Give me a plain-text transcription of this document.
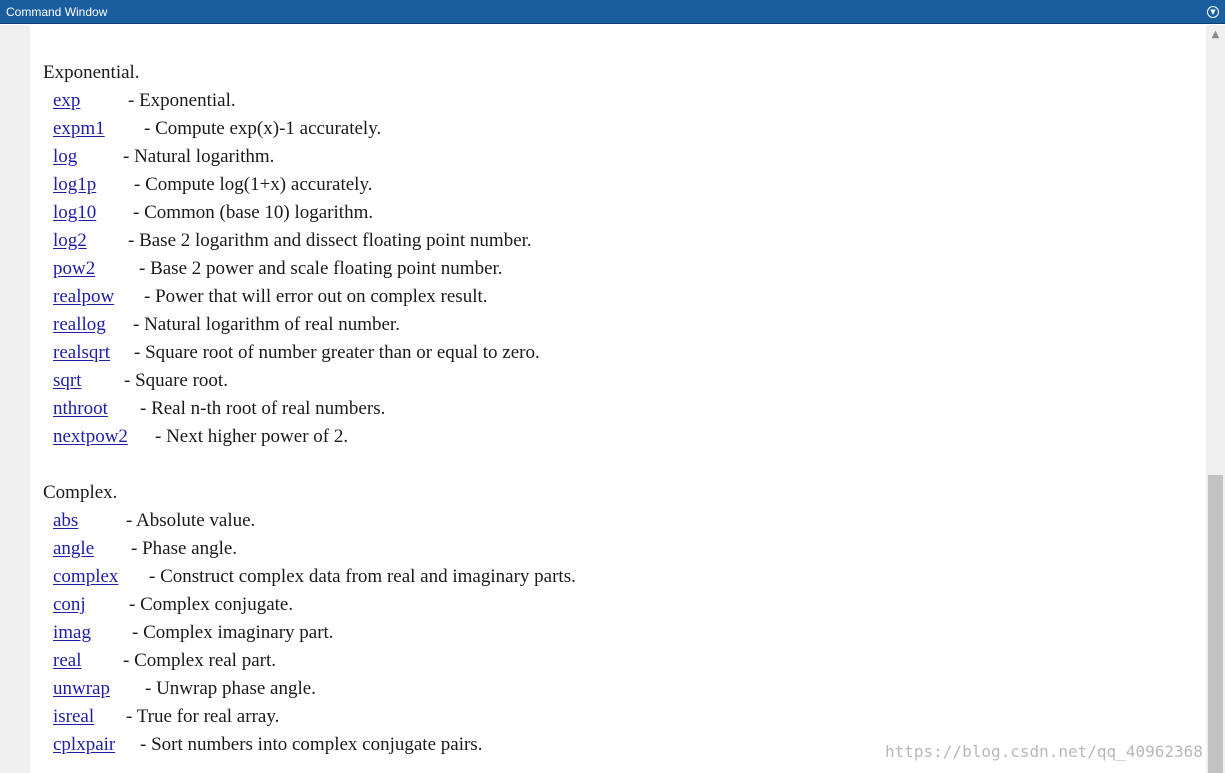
Command Window	▼
Exponential.
exp	- Exponential.
expm1 - Compute exp(x)-1 accurately.
log - Natural logarithm.
log1p - Compute log(1+x) accurately.
log10 - Common (base 10) logarithm.
log2 - Base 2 logarithm and dissect floating point number.
pow2 - Base 2 power and scale floating point number.
realpow - Power that will error out on complex result.
reallog - Natural logarithm of real number.
realsqrt - Square root of number greater than or equal to zero.
sqrt - Square root.
nthroot - Real n-th root of real numbers.
nextpow2 - Next higher power of 2.
Complex.
abs	- Absolute value.
angle - Phase angle.
complex - Construct complex data from real and imaginary parts.
conj - Complex conjugate.
imag - Complex imaginary part.
real - Complex real part.
unwrap - Unwrap phase angle.
isreal - True for real array.
cplxpair - Sort numbers into complex conjugate pairs.
▲
https://blog.csdn.net/qq_40962368
